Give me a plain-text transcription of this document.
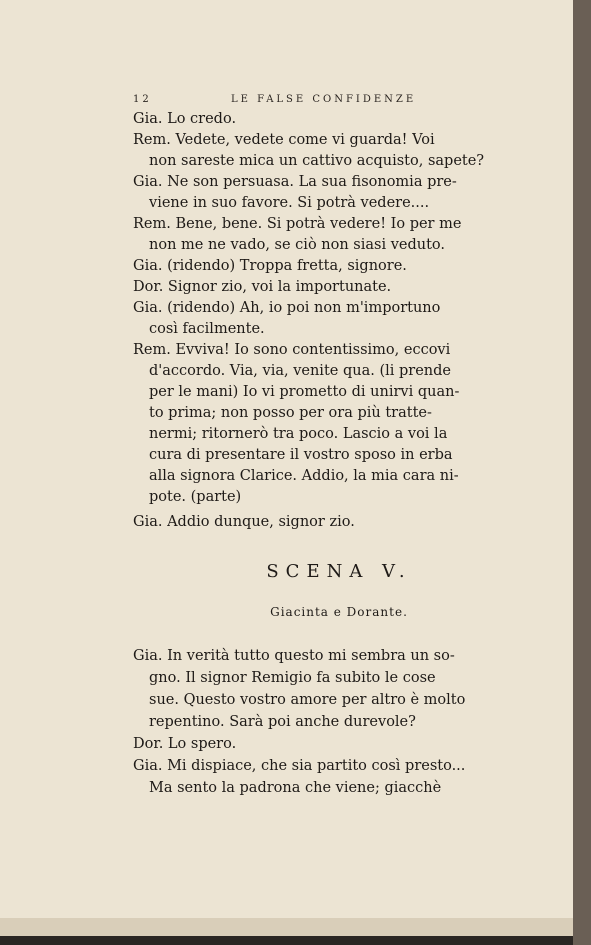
12	LE FALSE CONFIDENZE
Gia. Lo credo.
Rem. Vedete, vedete come vi guarda! Voi
non sareste mica un cattivo acquisto, sapete?
Gia. Ne son persuasa. La sua fisonomia pre-
viene in suo favore. Si potrà vedere....
Rem. Bene, bene. Si potrà vedere! Io per me
non me ne vado, se ciò non siasi veduto.
Gia. (ridendo) Troppa fretta, signore.
Dor. Signor zio, voi la importunate.
Gia. (ridendo) Ah, io poi non m'importuno
così facilmente.
Rem. Evviva! Io sono contentissimo, eccovi
d'accordo. Via, via, venite qua. (li prende
per le mani) Io vi prometto di unirvi quan-
to prima; non posso per ora più tratte-
nermi; ritornerò tra poco. Lascio a voi la
cura di presentare il vostro sposo in erba
alla signora Clarice. Addio, la mia cara ni-
pote. (parte)
Gia. Addio dunque, signor zio.
SCENA V.
Giacinta e Dorante.
Gia. In verità tutto questo mi sembra un so-
gno. Il signor Remigio fa subito le cose
sue. Questo vostro amore per altro è molto
repentino. Sarà poi anche durevole?
Dor. Lo spero.
Gia. Mi dispiace, che sia partito così presto...
Ma sento la padrona che viene; giacchè
